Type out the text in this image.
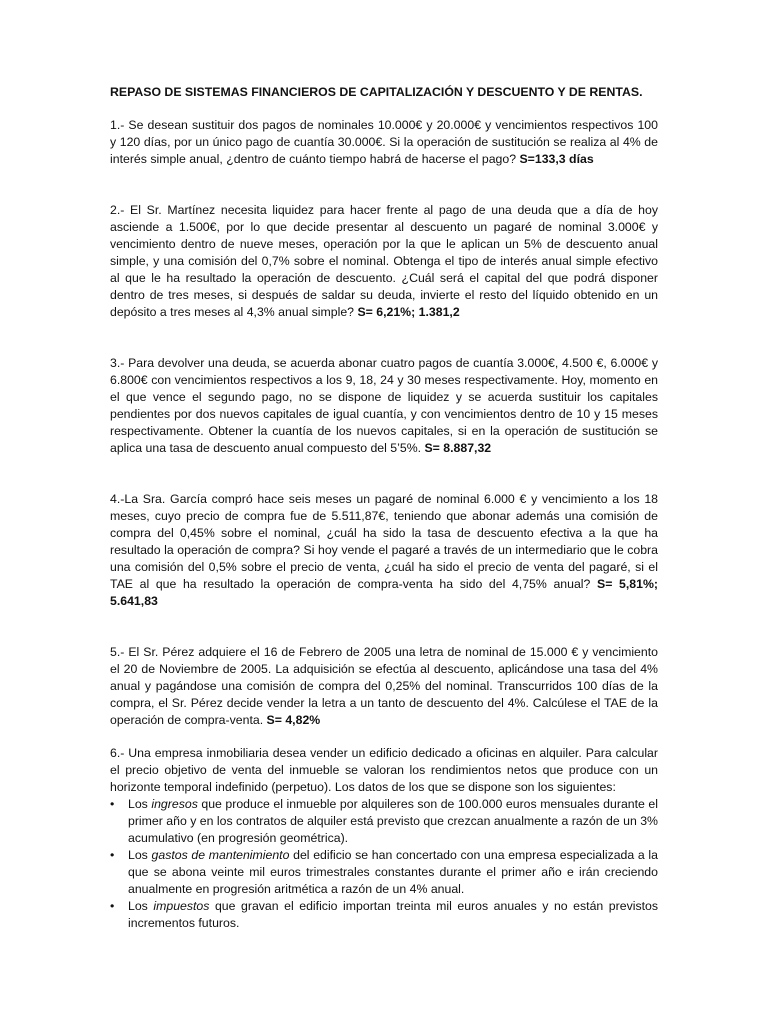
REPASO DE SISTEMAS FINANCIEROS DE CAPITALIZACIÓN Y DESCUENTO Y DE RENTAS.

1.- Se desean sustituir dos pagos de nominales 10.000€ y 20.000€ y vencimientos respectivos 100 y 120 días, por un único pago de cuantía 30.000€. Si la operación de sustitución se realiza al 4% de interés simple anual, ¿dentro de cuánto tiempo habrá de hacerse el pago? S=133,3 días

2.- El Sr. Martínez necesita liquidez para hacer frente al pago de una deuda que a día de hoy asciende a 1.500€, por lo que decide presentar al descuento un pagaré de nominal 3.000€ y vencimiento dentro de nueve meses, operación por la que le aplican un 5% de descuento anual simple, y una comisión del 0,7% sobre el nominal. Obtenga el tipo de interés anual simple efectivo al que le ha resultado la operación de descuento. ¿Cuál será el capital del que podrá disponer dentro de tres meses, si después de saldar su deuda, invierte el resto del líquido obtenido en un depósito a tres meses al 4,3% anual simple? S= 6,21%; 1.381,2

3.- Para devolver una deuda, se acuerda abonar cuatro pagos de cuantía 3.000€, 4.500 €, 6.000€ y 6.800€ con vencimientos respectivos a los 9, 18, 24 y 30 meses respectivamente. Hoy, momento en el que vence el segundo pago, no se dispone de liquidez y se acuerda sustituir los capitales pendientes por dos nuevos capitales de igual cuantía, y con vencimientos dentro de 10 y 15 meses respectivamente. Obtener la cuantía de los nuevos capitales, si en la operación de sustitución se aplica una tasa de descuento anual compuesto del 5’5%. S= 8.887,32

4.-La Sra. García compró hace seis meses un pagaré de nominal 6.000 € y vencimiento a los 18 meses, cuyo precio de compra fue de 5.511,87€, teniendo que abonar además una comisión de compra del 0,45% sobre el nominal, ¿cuál ha sido la tasa de descuento efectiva a la que ha resultado la operación de compra? Si hoy vende el pagaré a través de un intermediario que le cobra una comisión del 0,5% sobre el precio de venta, ¿cuál ha sido el precio de venta del pagaré, si el TAE al que ha resultado la operación de compra-venta ha sido del 4,75% anual? S= 5,81%; 5.641,83

5.- El Sr. Pérez adquiere el 16 de Febrero de 2005 una letra de nominal de 15.000 € y vencimiento el 20 de Noviembre de 2005. La adquisición se efectúa al descuento, aplicándose una tasa del 4% anual y pagándose una comisión de compra del 0,25% del nominal. Transcurridos 100 días de la compra, el Sr. Pérez decide vender la letra a un tanto de descuento del 4%. Calcúlese el TAE de la operación de compra-venta. S= 4,82%

6.- Una empresa inmobiliaria desea vender un edificio dedicado a oficinas en alquiler. Para calcular el precio objetivo de venta del inmueble se valoran los rendimientos netos que produce con un horizonte temporal indefinido (perpetuo). Los datos de los que se dispone son los siguientes:

• Los ingresos que produce el inmueble por alquileres son de 100.000 euros mensuales durante el primer año y en los contratos de alquiler está previsto que crezcan anualmente a razón de un 3% acumulativo (en progresión geométrica).
• Los gastos de mantenimiento del edificio se han concertado con una empresa especializada a la que se abona veinte mil euros trimestrales constantes durante el primer año e irán creciendo anualmente en progresión aritmética a razón de un 4% anual.
• Los impuestos que gravan el edificio importan treinta mil euros anuales y no están previstos incrementos futuros.
